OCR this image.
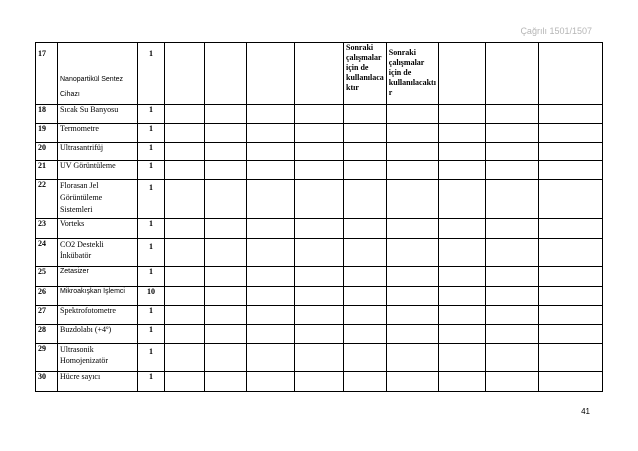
Çağrılı 1501/1507
17	Nanopartikül Sentez Cihazı	1					Sonraki çalışmalar için de kullanılaca ktır	Sonraki çalışmalar için de kullanılacaktı r			
18	Sıcak Su Banyosu	1									
19	Termometre	1									
20	Ultrasantrifüj	1									
21	UV Görüntüleme	1									
22	Florasan Jel Görüntüleme Sistemleri	1									
23	Vorteks	1									
24	CO2 Destekli İnkübatör	1									
25	Zetasizer	1									
26	Mikroakışkan İşlemci	10									
27	Spektrofotometre	1									
28	Buzdolabı (+4º)	1									
29	Ultrasonik Homojenizatör	1									
30	Hücre sayıcı	1									
41
